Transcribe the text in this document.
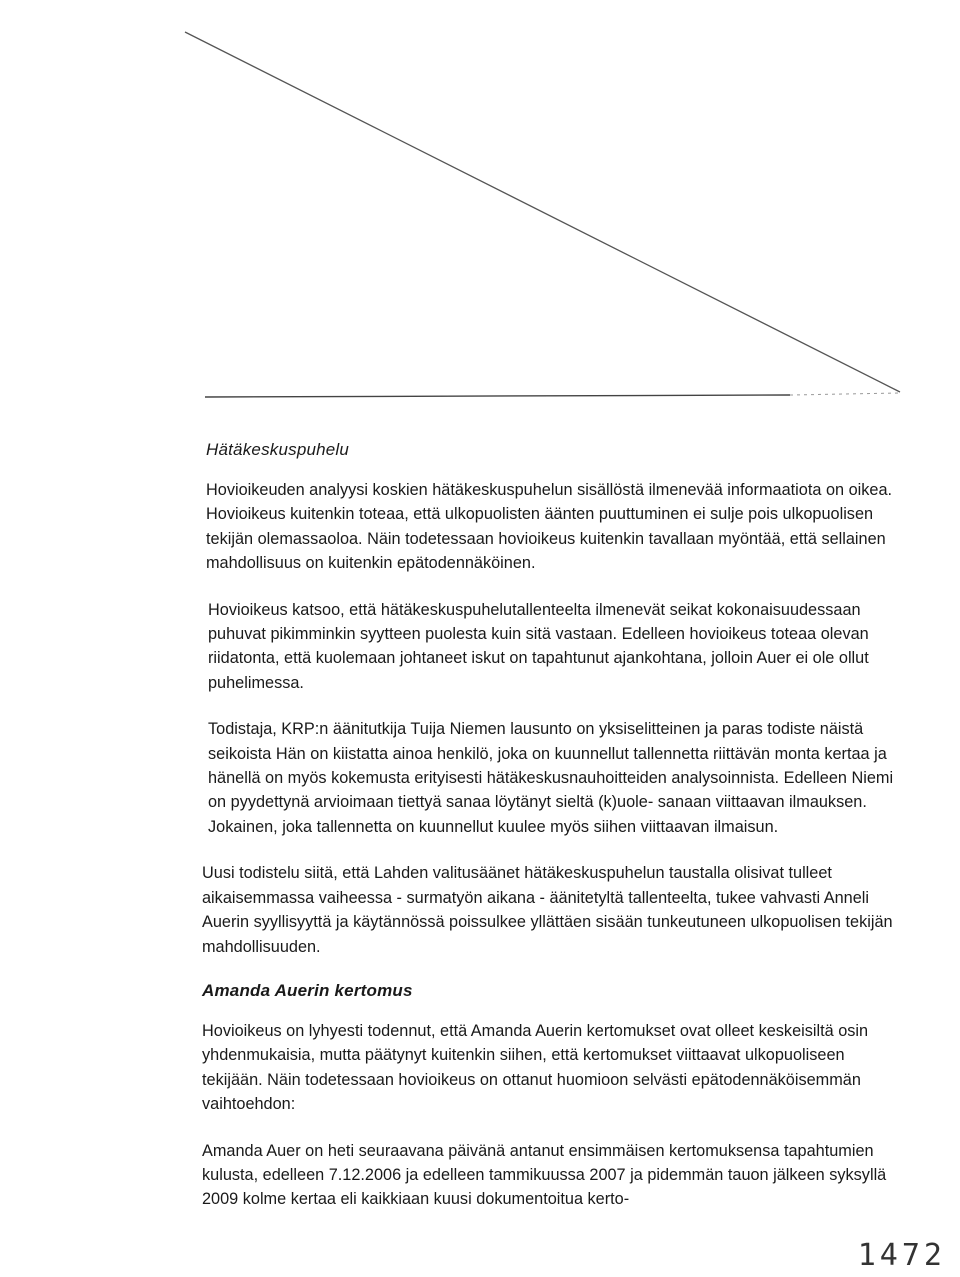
Hätäkeskuspuhelu

Hovioikeuden analyysi koskien hätäkeskuspuhelun sisällöstä ilmenevää informaatiota on oikea. Hovioikeus kuitenkin toteaa, että ulkopuolisten äänten puuttuminen ei sulje pois ulkopuolisen tekijän olemassaoloa. Näin todetessaan hovioikeus kuitenkin tavallaan myöntää, että sellainen mahdollisuus on kuitenkin epätodennäköinen.

Hovioikeus katsoo, että hätäkeskuspuhelutallenteelta ilmenevät seikat kokonaisuudessaan puhuvat pikimminkin syytteen puolesta kuin sitä vastaan. Edelleen hovioikeus toteaa olevan riidatonta, että kuolemaan johtaneet iskut on tapahtunut ajankohtana, jolloin Auer ei ole ollut puhelimessa.

Todistaja, KRP:n äänitutkija Tuija Niemen lausunto on yksiselitteinen ja paras todiste näistä seikoista Hän on kiistatta ainoa henkilö, joka on kuunnellut tallennetta riittävän monta kertaa ja hänellä on myös kokemusta erityisesti hätäkeskusnauhoitteiden analysoinnista. Edelleen Niemi on pyydettynä arvioimaan tiettyä sanaa löytänyt sieltä (k)uole- sanaan viittaavan ilmauksen. Jokainen, joka tallennetta on kuunnellut kuulee myös siihen viittaavan ilmaisun.

Uusi todistelu siitä, että Lahden valitusäänet hätäkeskuspuhelun taustalla olisivat tulleet aikaisemmassa vaiheessa - surmatyön aikana - äänitetyltä tallenteelta, tukee vahvasti Anneli Auerin syyllisyyttä ja käytännössä poissulkee yllättäen sisään tunkeutuneen ulkopuolisen tekijän mahdollisuuden.

Amanda Auerin kertomus

Hovioikeus on lyhyesti todennut, että Amanda Auerin kertomukset ovat olleet keskeisiltä osin yhdenmukaisia, mutta päätynyt kuitenkin siihen, että kertomukset viittaavat ulkopuoliseen tekijään. Näin todetessaan hovioikeus on ottanut huomioon selvästi epätodennäköisemmän vaihtoehdon:

Amanda Auer on heti seuraavana päivänä antanut ensimmäisen kertomuksensa tapahtumien kulusta, edelleen 7.12.2006 ja edelleen tammikuussa 2007 ja pidemmän tauon jälkeen syksyllä 2009 kolme kertaa eli kaikkiaan kuusi dokumentoitua kerto-

1472
